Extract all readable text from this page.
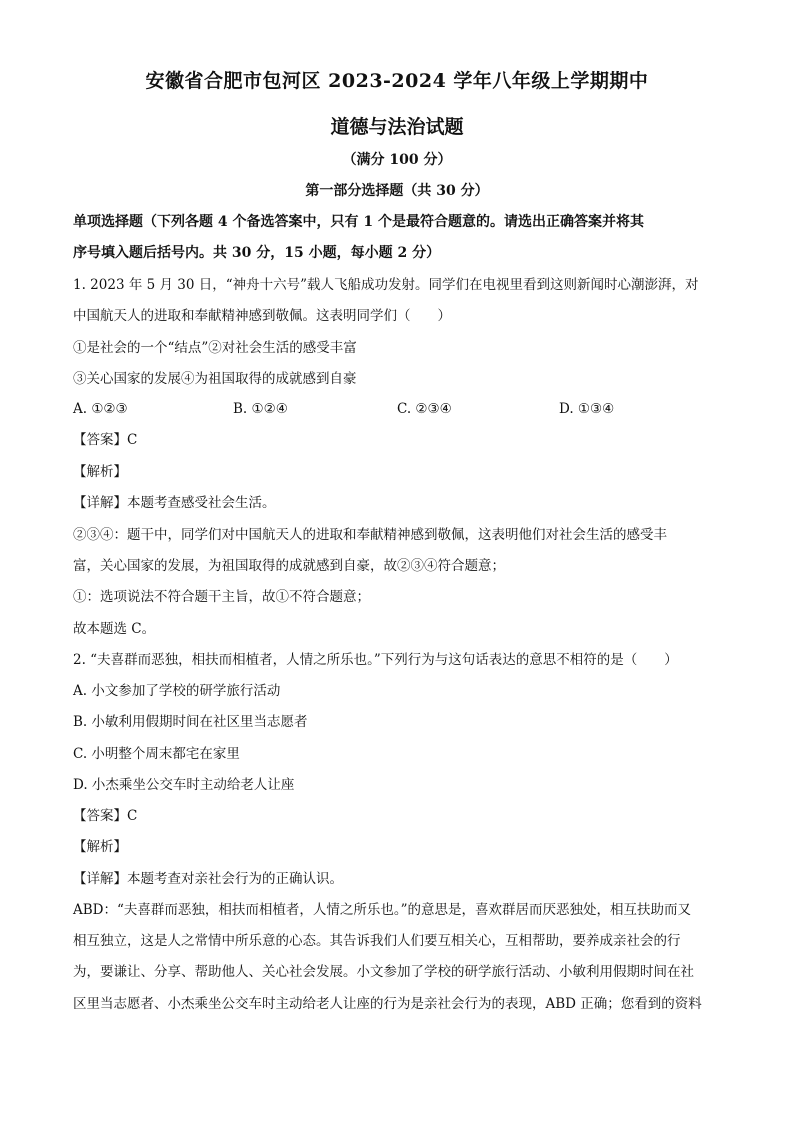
安徽省合肥市包河区 2023-2024 学年八年级上学期期中
道德与法治试题
（满分 100 分）
第一部分选择题（共 30 分）
单项选择题（下列各题 4 个备选答案中，只有 1 个是最符合题意的。请选出正确答案并将其
序号填入题后括号内。共 30 分，15 小题，每小题 2 分）
1. 2023 年 5 月 30 日，“神舟十六号”载人飞船成功发射。同学们在电视里看到这则新闻时心潮澎湃，对
中国航天人的进取和奉献精神感到敬佩。这表明同学们（　　）
①是社会的一个“结点”②对社会生活的感受丰富
③关心国家的发展④为祖国取得的成就感到自豪
A. ①②③	B. ①②④	C. ②③④	D. ①③④
【答案】C
【解析】
【详解】本题考查感受社会生活。
②③④：题干中，同学们对中国航天人的进取和奉献精神感到敬佩，这表明他们对社会生活的感受丰
富，关心国家的发展，为祖国取得的成就感到自豪，故②③④符合题意；
①：选项说法不符合题干主旨，故①不符合题意；
故本题选 C。
2. “夫喜群而恶独，相扶而相植者，人情之所乐也。”下列行为与这句话表达的意思不相符的是（　　）
A. 小文参加了学校的研学旅行活动
B. 小敏利用假期时间在社区里当志愿者
C. 小明整个周末都宅在家里
D. 小杰乘坐公交车时主动给老人让座
【答案】C
【解析】
【详解】本题考查对亲社会行为的正确认识。
ABD：“夫喜群而恶独，相扶而相植者，人情之所乐也。”的意思是，喜欢群居而厌恶独处，相互扶助而又
相互独立，这是人之常情中所乐意的心态。其告诉我们人们要互相关心，互相帮助，要养成亲社会的行
为，要谦让、分享、帮助他人、关心社会发展。小文参加了学校的研学旅行活动、小敏利用假期时间在社
区里当志愿者、小杰乘坐公交车时主动给老人让座的行为是亲社会行为的表现，ABD 正确；您看到的资料
